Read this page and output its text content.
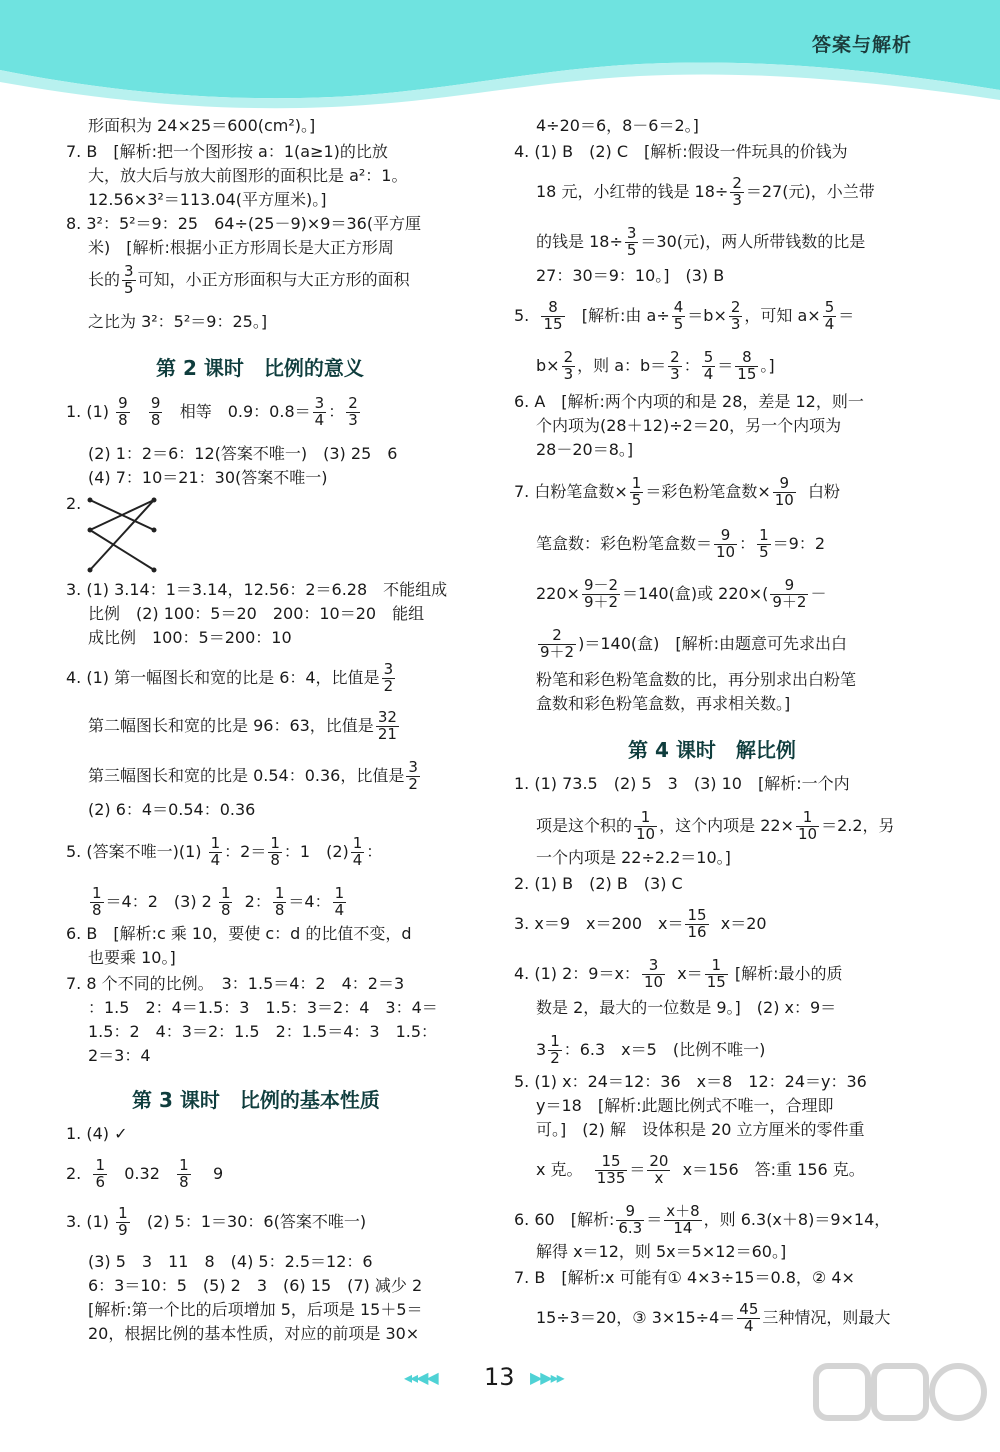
答案与解析
形面积为 24×25＝600(cm²)。]
7. B　[解析:把一个图形按 a：1(a≥1)的比放
大，放大后与放大前图形的面积比是 a²：1。
12.56×3²＝113.04(平方厘米)。]
8. 3²：5²＝9：25　64÷(25－9)×9＝36(平方厘
米)　[解析:根据小正方形周长是大正方形周
长的 $\frac{3}{5}$ 可知，小正方形面积与大正方形的面积
之比为 3²：5²＝9：25。]
第 2 课时　比例的意义
1. $(1) \frac{9}{8}$
$\frac{9}{8}$ 相等　0.9：$0.8= \frac{3}{4}$ ： $\frac{2}{3}$
(2) 1：2＝6：12(答案不唯一)　(3) 25　6
(4) 7：10＝21：30(答案不唯一)
2.
3. (1) 3.14：1＝3.14，12.56：2＝6.28　不能组成
比例　(2) 100：5＝20　200：10＝20　能组
成比例　100：5＝200：10
4. (1) 第一幅图长和宽的比是 6：4，比值是 $\frac{3}{2}$
第二幅图长和宽的比是 96：63，比值是 $\frac{32}{21}$
第三幅图长和宽的比是 0.54：0.36，比值是 $\frac{3}{2}$
(2) 6：4＝0.54：0.36
5. (答案不唯一)$(1) \frac{1}{4}$ ：$2= \frac{1}{8}$ ：1　$(2) \frac{1}{4}$ ：
$\frac{1}{8} =4$：2　(3) $2 \frac{1}{8} 2$： $\frac{1}{8} =4$： $\frac{1}{4}$
6. B　[解析:c 乘 10，要使 c：d 的比值不变，d
也要乘 10。]
7. 8 个不同的比例。　3：1.5＝4：2　4：2＝3
：1.5　2：4＝1.5：3　1.5：3＝2：4　3：4＝
1.5：2　4：3＝2：1.5　2：1.5＝4：3　1.5：
2＝3：4
第 3 课时　比例的基本性质
1. (4) ✓
2. $\frac{1}{6} 0.32 \frac{1}{8} 9$
3. $(1) \frac{1}{9} (2)$ 5：1＝30：6(答案不唯一)
(3) 5　3　11　8　(4) 5：2.5＝12：6
6：3＝10：5　(5) 2　3　(6) 15　(7) 减少 2
[解析:第一个比的后项增加 5，后项是 15＋5＝
20，根据比例的基本性质，对应的前项是 30×
4÷20＝6，8－6＝2。]
4. (1) B　(2) C　[解析:假设一件玩具的价钱为
18 元，小红带的钱是 $18\div \frac{2}{3} =27$(元)，小兰带
的钱是 $18\div \frac{3}{5} =30$(元)，两人所带钱数的比是
27：30＝9：10。]　(3) B
5. $\frac{8}{15}$ [解析:由 $a\div \frac{4}{5} =b\times \frac{2}{3}$ ，可知 $a\times \frac{5}{4}$ ＝
$b\times \frac{2}{3}$ ，则 a：$b= \frac{2}{3}$ ： $\frac{5}{4} = \frac{8}{15}$ 。]
6. A　[解析:两个内项的和是 28，差是 12，则一
个内项为(28＋12)÷2＝20，另一个内项为
28－20＝8。]
7. 白粉笔盒数× $\frac{1}{5}$ ＝彩色粉笔盒数× $\frac{9}{10}$ 白粉
笔盒数：彩色粉笔盒数＝ $\frac{9}{10}$ ： $\frac{1}{5} =9$：2
$220\times \frac{9-2}{9+2} =140$(盒)或 $220\times( \frac{9}{9+2}$ －
$\frac{2}{9+2} )=140$(盒)　[解析:由题意可先求出白
粉笔和彩色粉笔盒数的比，再分别求出白粉笔
盒数和彩色粉笔盒数，再求相关数。]
第 4 课时　解比例
1. (1) 73.5　(2) 5　3　(3) 10　[解析:一个内
项是这个积的 $\frac{1}{10}$ ，这个内项是 $22\times \frac{1}{10} =2.2$，另
一个内项是 22÷2.2＝10。]
2. (1) B　(2) B　(3) C
3. x＝9　x＝200　$x= \frac{15}{16} x=20$
4. (1) 2：9＝x： $\frac{3}{10} x= \frac{1}{15}$ [解析:最小的质
数是 2，最大的一位数是 9。]　(2) x：9＝
$3 \frac{1}{2}$ ：6.3　x＝5　(比例不唯一)
5. (1) x：24＝12：36　x＝8　12：24＝y：36
y＝18　[解析:此题比例式不唯一，合理即
可。]　(2) 解　设体积是 20 立方厘米的零件重
x 克。 $\frac{15}{135} = \frac{20}{x} x=156$　答:重 156 克。
6. 60　[解析: $\frac{9}{6.3} = \frac{x+8}{14}$ ，则 6.3(x＋8)＝9×14，
解得 x＝12，则 5x＝5×12＝60。]
7. B　[解析:x 可能有① 4×3÷15＝0.8，② 4×
15÷3＝20，③ $3\times 15\div 4= \frac{45}{4}$ 三种情况，则最大
◂◂◀◀ 13 ▶▶▸▸
